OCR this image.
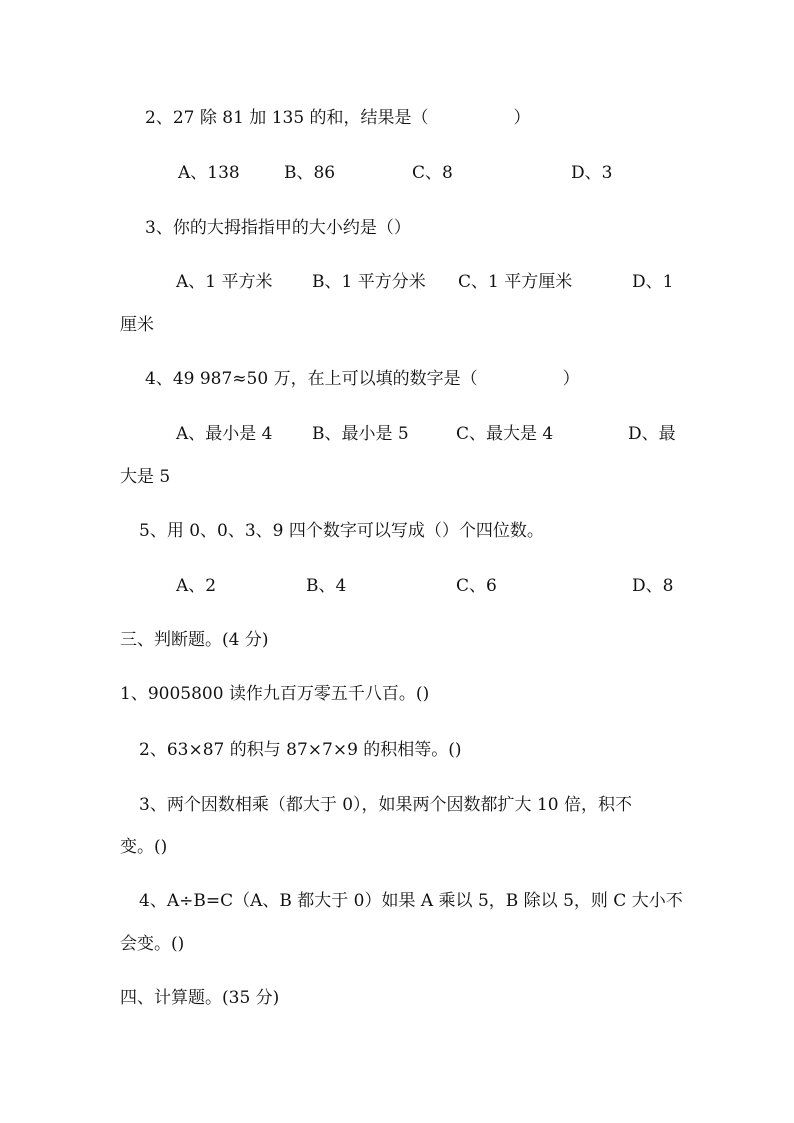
2、27 除 81 加 135 的和，结果是（　　　　　）
A、138	B、86	C、8	D、3
3、你的大拇指指甲的大小约是（）
A、1 平方米 B、1 平方分米 C、1 平方厘米	D、1
厘米
4、49 987≈50 万，在上可以填的数字是（　　　　　）
A、最小是 4 B、最小是 5	C、最大是 4	D、最
大是 5
5、用 0、0、3、9 四个数字可以写成（）个四位数。
A、2	B、4	C、6	D、8
三、判断题。(4 分)
1、9005800 读作九百万零五千八百。()
2、63×87 的积与 87×7×9 的积相等。()
3、两个因数相乘（都大于 0），如果两个因数都扩大 10 倍，积不
变。()
4、A÷B=C（A、B 都大于 0）如果 A 乘以 5，B 除以 5，则 C 大小不
会变。()
四、计算题。(35 分)
